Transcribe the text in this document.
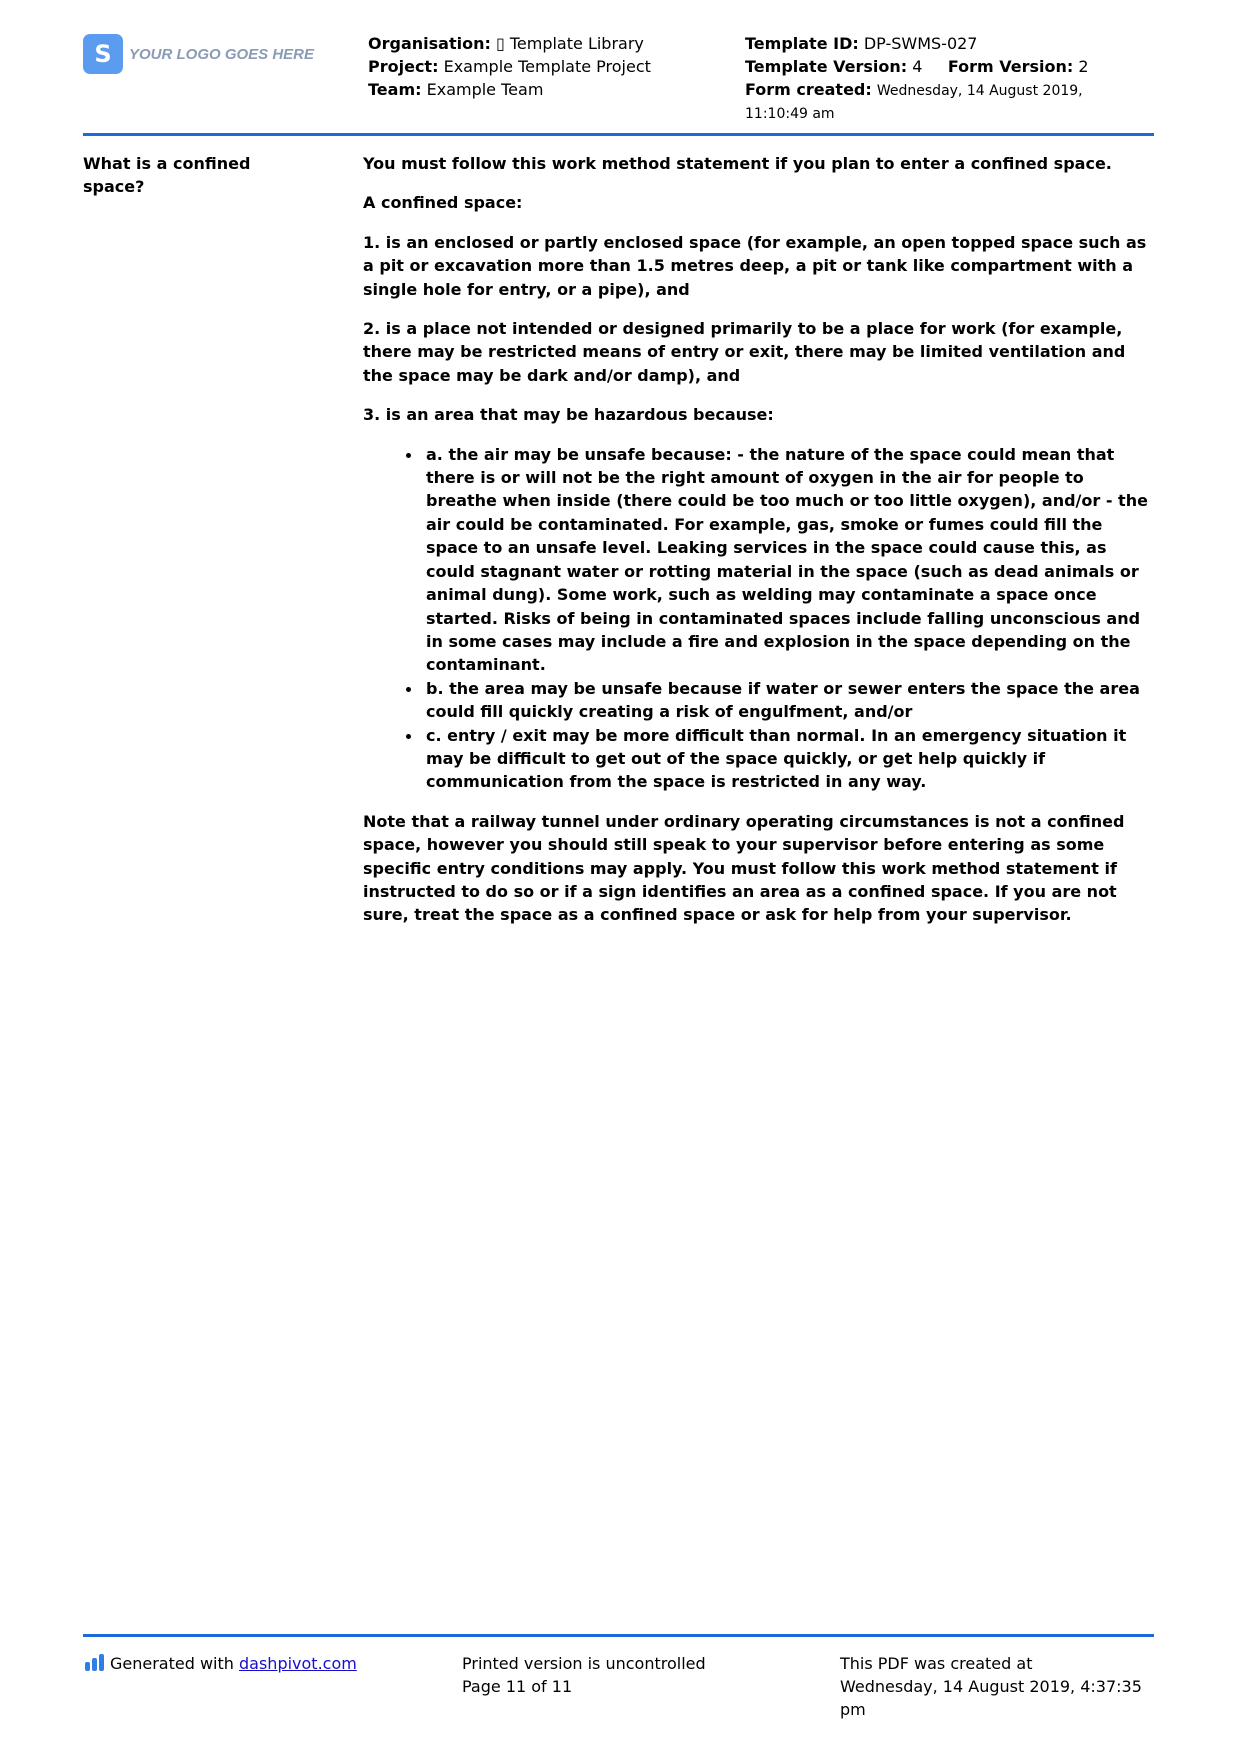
S	YOUR LOGO GOES HERE
Organisation: ▯ Template Library
Project: Example Template Project
Team: Example Team
Template ID: DP-SWMS-027
Template Version: 4 Form Version: 2
Form created: Wednesday, 14 August 2019,
11:10:49 am
What is a confined space?

You must follow this work method statement if you plan to enter a confined space.

A confined space:

1. is an enclosed or partly enclosed space (for example, an open topped space such as a pit or excavation more than 1.5 metres deep, a pit or tank like compartment with a single hole for entry, or a pipe), and

2. is a place not intended or designed primarily to be a place for work (for example, there may be restricted means of entry or exit, there may be limited ventilation and the space may be dark and/or damp), and

3. is an area that may be hazardous because:

a. the air may be unsafe because: - the nature of the space could mean that there is or will not be the right amount of oxygen in the air for people to breathe when inside (there could be too much or too little oxygen), and/or - the air could be contaminated. For example, gas, smoke or fumes could fill the space to an unsafe level. Leaking services in the space could cause this, as could stagnant water or rotting material in the space (such as dead animals or animal dung). Some work, such as welding may contaminate a space once started. Risks of being in contaminated spaces include falling unconscious and in some cases may include a fire and explosion in the space depending on the contaminant.
b. the area may be unsafe because if water or sewer enters the space the area could fill quickly creating a risk of engulfment, and/or
c. entry / exit may be more difficult than normal. In an emergency situation it may be difficult to get out of the space quickly, or get help quickly if communication from the space is restricted in any way.

Note that a railway tunnel under ordinary operating circumstances is not a confined space, however you should still speak to your supervisor before entering as some specific entry conditions may apply. You must follow this work method statement if instructed to do so or if a sign identifies an area as a confined space. If you are not sure, treat the space as a confined space or ask for help from your supervisor.

Generated with dashpivot.com	Printed version is uncontrolled
Page 11 of 11
This PDF was created at
Wednesday, 14 August 2019, 4:37:35 pm
